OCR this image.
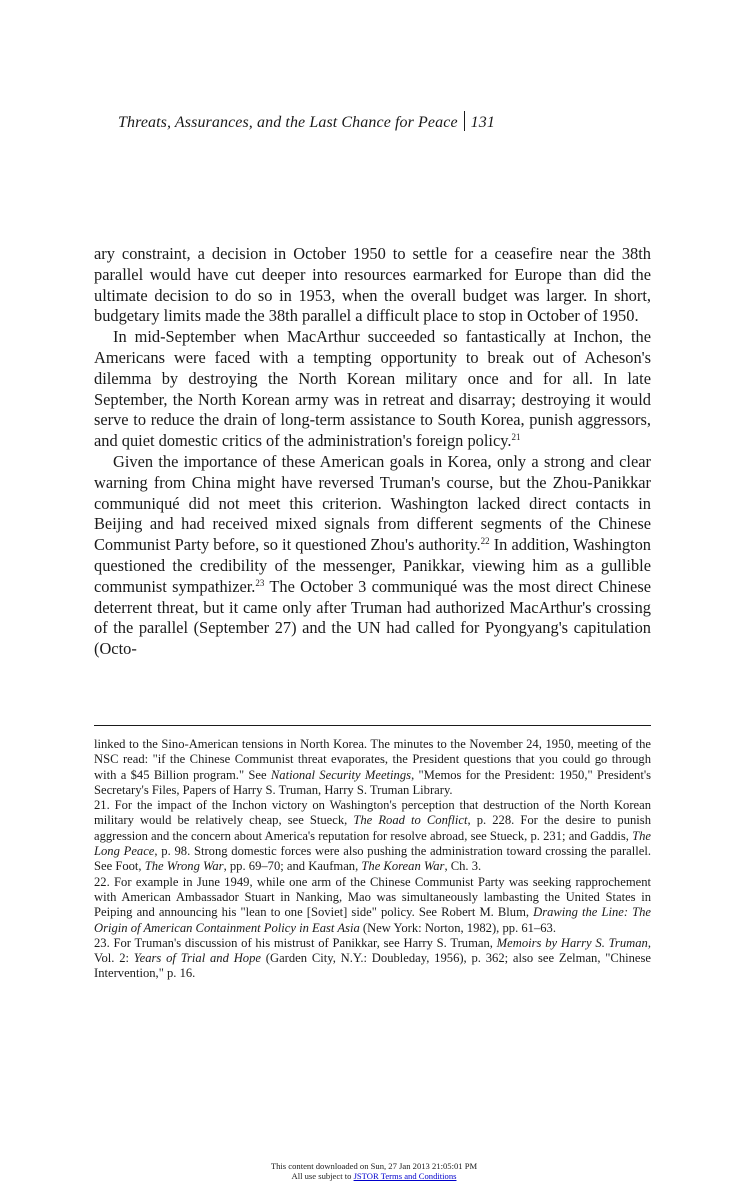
Threats, Assurances, and the Last Chance for Peace 131

ary constraint, a decision in October 1950 to settle for a ceasefire near the 38th parallel would have cut deeper into resources earmarked for Europe than did the ultimate decision to do so in 1953, when the overall budget was larger. In short, budgetary limits made the 38th parallel a difficult place to stop in October of 1950.

In mid-September when MacArthur succeeded so fantastically at Inchon, the Americans were faced with a tempting opportunity to break out of Acheson's dilemma by destroying the North Korean military once and for all. In late September, the North Korean army was in retreat and disarray; destroying it would serve to reduce the drain of long-term assistance to South Korea, punish aggressors, and quiet domestic critics of the administration's foreign policy.$^{21}$

Given the importance of these American goals in Korea, only a strong and clear warning from China might have reversed Truman's course, but the Zhou-Panikkar communiqué did not meet this criterion. Washington lacked direct contacts in Beijing and had received mixed signals from different segments of the Chinese Communist Party before, so it questioned Zhou's authority.$^{22}$ In addition, Washington questioned the credibility of the messenger, Panikkar, viewing him as a gullible communist sympathizer.$^{23}$ The October 3 communiqué was the most direct Chinese deterrent threat, but it came only after Truman had authorized MacArthur's crossing of the parallel (September 27) and the UN had called for Pyongyang's capitulation (Octo-

linked to the Sino-American tensions in North Korea. The minutes to the November 24, 1950, meeting of the NSC read: "if the Chinese Communist threat evaporates, the President questions that you could go through with a $45 Billion program." See National Security Meetings, "Memos for the President: 1950," President's Secretary's Files, Papers of Harry S. Truman, Harry S. Truman Library.

21. For the impact of the Inchon victory on Washington's perception that destruction of the North Korean military would be relatively cheap, see Stueck, The Road to Conflict, p. 228. For the desire to punish aggression and the concern about America's reputation for resolve abroad, see Stueck, p. 231; and Gaddis, The Long Peace, p. 98. Strong domestic forces were also pushing the administration toward crossing the parallel. See Foot, The Wrong War, pp. 69–70; and Kaufman, The Korean War, Ch. 3.

22. For example in June 1949, while one arm of the Chinese Communist Party was seeking rapprochement with American Ambassador Stuart in Nanking, Mao was simultaneously lambasting the United States in Peiping and announcing his "lean to one [Soviet] side" policy. See Robert M. Blum, Drawing the Line: The Origin of American Containment Policy in East Asia (New York: Norton, 1982), pp. 61–63.

23. For Truman's discussion of his mistrust of Panikkar, see Harry S. Truman, Memoirs by Harry S. Truman, Vol. 2: Years of Trial and Hope (Garden City, N.Y.: Doubleday, 1956), p. 362; also see Zelman, "Chinese Intervention," p. 16.

This content downloaded on Sun, 27 Jan 2013 21:05:01 PM
All use subject to JSTOR Terms and Conditions
